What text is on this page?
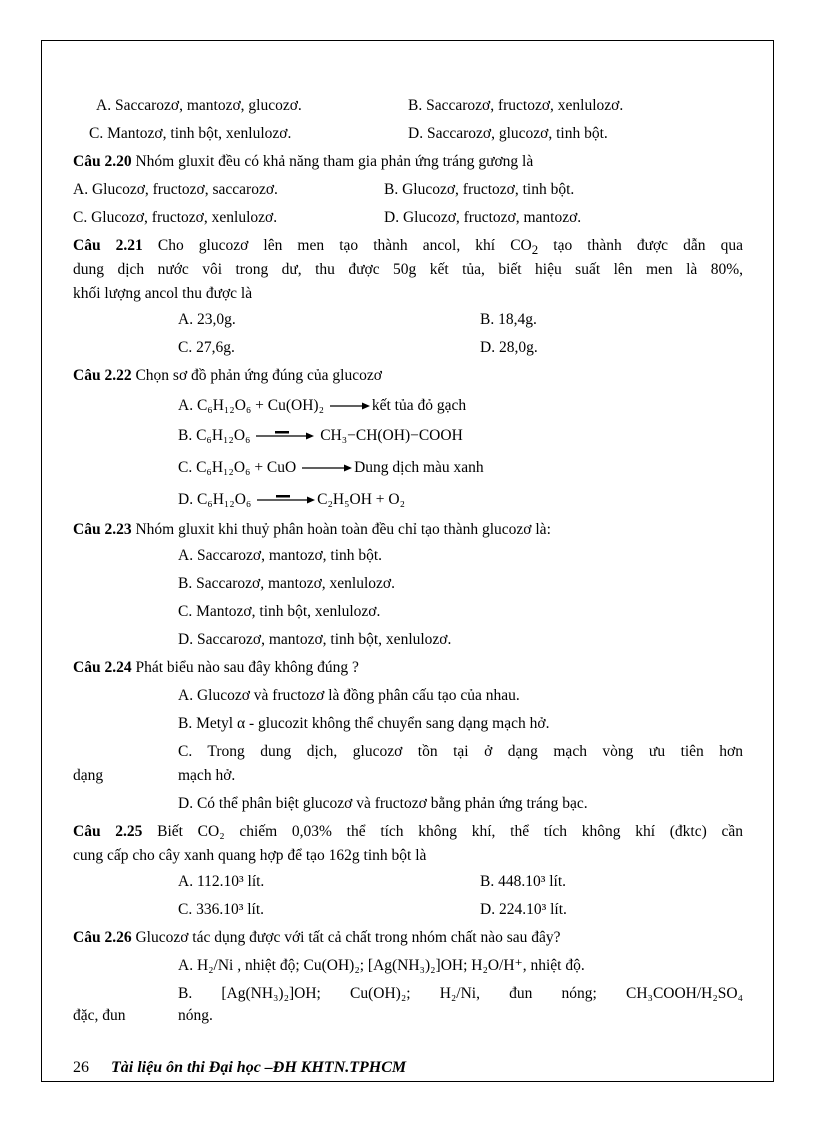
A. Saccarozơ, mantozơ, glucozơ.	B. Saccarozơ, fructozơ, xenlulozơ.
C. Mantozơ, tinh bột, xenlulozơ.	D. Saccarozơ, glucozơ, tinh bột.
Câu 2.20 Nhóm gluxit đều có khả năng tham gia phản ứng tráng gương là
A. Glucozơ, fructozơ, saccarozơ.	B. Glucozơ, fructozơ, tinh bột.
C. Glucozơ, fructozơ, xenlulozơ.	D. Glucozơ, fructozơ, mantozơ.
Câu 2.21 Cho glucozơ lên men tạo thành ancol, khí $CO_2$ tạo thành được dẫn qua
dung dịch nước vôi trong dư, thu được 50g kết tủa, biết hiệu suất lên men là 80%,
khối lượng ancol thu được là
A. 23,0g.	B. 18,4g.
C. 27,6g.	D. 28,0g.
Câu 2.22 Chọn sơ đồ phản ứng đúng của glucozơ
A. C₆H₁₂O₆ + Cu(OH)₂ → kết tủa đỏ gạch
B. C₆H₁₂O₆	CH₃−CH(OH)−COOH
C. C₆H₁₂O₆ + CuO → Dung dịch màu xanh
D. C₆H₁₂O₆	C₂H₅OH + O₂
Câu 2.23 Nhóm gluxit khi thuỷ phân hoàn toàn đều chỉ tạo thành glucozơ là:
A. Saccarozơ, mantozơ, tinh bột.
B. Saccarozơ, mantozơ, xenlulozơ.
C. Mantozơ, tinh bột, xenlulozơ.
D. Saccarozơ, mantozơ, tinh bột, xenlulozơ.
Câu 2.24 Phát biểu nào sau đây không đúng ?
A. Glucozơ và fructozơ là đồng phân cấu tạo của nhau.
B. Metyl α - glucozit không thể chuyển sang dạng mạch hở.
C. Trong dung dịch, glucozơ tồn tại ở dạng mạch vòng ưu tiên hơn
dạng	mạch hở.
D. Có thể phân biệt glucozơ và fructozơ bằng phản ứng tráng bạc.
Câu 2.25 Biết CO₂ chiếm 0,03% thể tích không khí, thể tích không khí (đktc) cần
cung cấp cho cây xanh quang hợp để tạo 162g tinh bột là
A. 112.10³ lít.	B. 448.10³ lít.
C. 336.10³ lít.	D. 224.10³ lít.
Câu 2.26 Glucozơ tác dụng được với tất cả chất trong nhóm chất nào sau đây?
A. H₂/Ni , nhiệt độ; Cu(OH)₂; [Ag(NH₃)₂]OH; H₂O/H⁺, nhiệt độ.
B. [Ag(NH₃)₂]OH; Cu(OH)₂; H₂/Ni, đun nóng; CH₃COOH/H₂SO₄
đặc, đun	nóng.
26 Tài liệu ôn thi Đại học –ĐH KHTN.TPHCM
